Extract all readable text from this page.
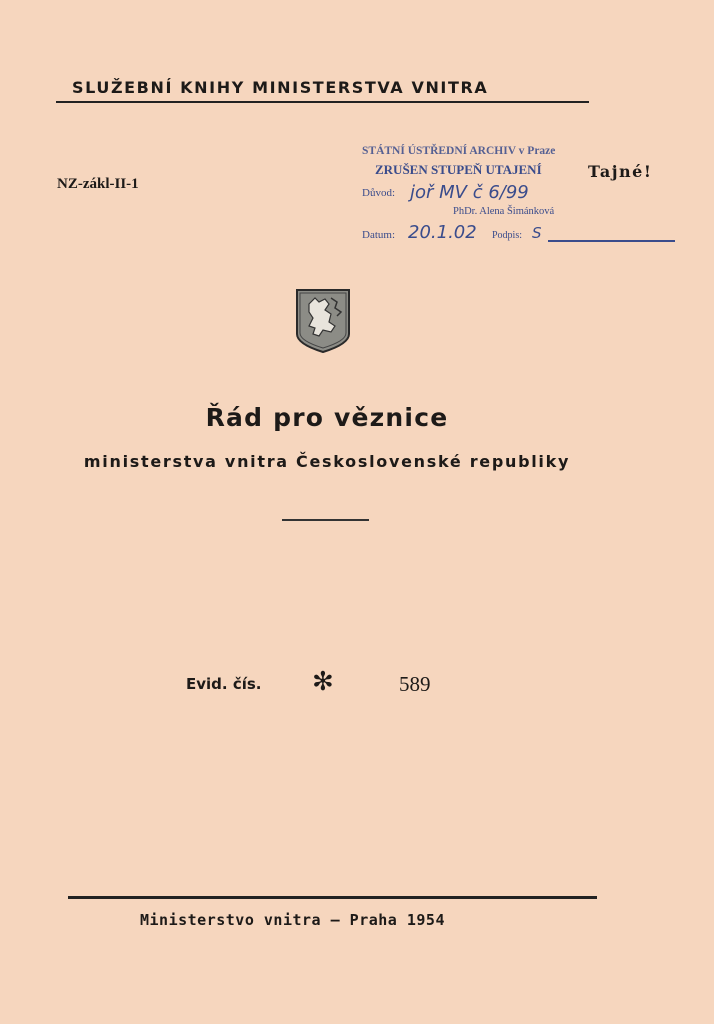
SLUŽEBNÍ KNIHY MINISTERSTVA VNITRA
NZ-zákl-II-1
STÁTNÍ ÚSTŘEDNÍ ARCHIV v Praze
ZRUŠEN STUPEŇ UTAJENÍ
Důvod: joř MV č 6/99
Tajné!
PhDr. Alena Šimánková
Datum: 20.1.02 Podpis: S
Řád pro věznice
ministerstva vnitra Československé republiky
Evid. čís. ✻	589
Ministerstvo vnitra — Praha 1954
